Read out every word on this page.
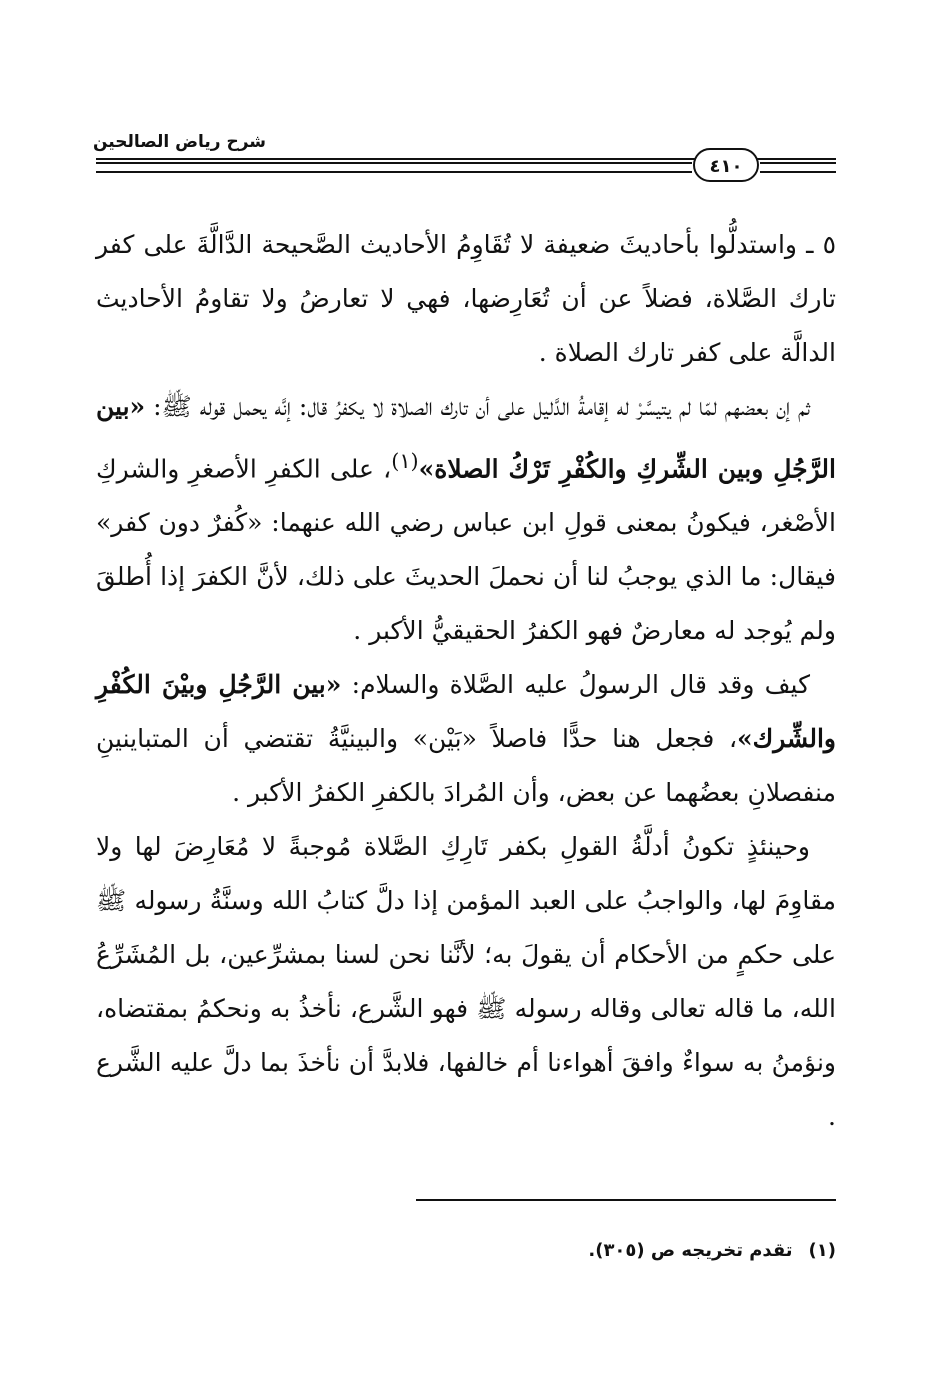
شرح رياض الصالحين
٤١٠

٥ ـ واستدلُّوا بأحاديثَ ضعيفة لا تُقَاوِمُ الأحاديث الصَّحيحة الدَّالَّةَ على كفر تارك الصَّلاة، فضلاً عن أن تُعَارِضها، فهي لا تعارضُ ولا تقاومُ الأحاديث الدالَّة على كفر تارك الصلاة .

ثم إن بعضهم لمّا لم يتيسَّرْ له إقامةُ الدَّليل على أن تارك الصلاة لا يكفرُ قال: إنَّه يحمل قوله ﷺ: «بين الرَّجُلِ وبين الشِّركِ والكُفْرِ تَرْكُ الصلاة»$^{(١)}$، على الكفرِ الأصغرِ والشركِ الأصْغر، فيكونُ بمعنى قولِ ابن عباس رضي الله عنهما: «كُفرٌ دون كفر» فيقال: ما الذي يوجبُ لنا أن نحملَ الحديثَ على ذلك، لأنَّ الكفرَ إذا أُطلقَ ولم يُوجد له معارضٌ فهو الكفرُ الحقيقيُّ الأكبر .

كيف وقد قال الرسولُ عليه الصَّلاة والسلام: «بين الرَّجُلِ وبيْنَ الكُفْرِ والشِّرك»، فجعل هنا حدًّا فاصلاً «بَيْن» والبينيَّةُ تقتضي أن المتباينينِ منفصلانِ بعضُهما عن بعض، وأن المُرادَ بالكفرِ الكفرُ الأكبر .

وحينئذٍ تكونُ أدلَّةُ القولِ بكفر تَارِكِ الصَّلاة مُوجبةً لا مُعَارِضَ لها ولا مقاوِمَ لها، والواجبُ على العبد المؤمن إذا دلَّ كتابُ الله وسنَّةُ رسوله ﷺ على حكمٍ من الأحكام أن يقولَ به؛ لأنَّنا نحن لسنا بمشرِّعين، بل المُشَرِّعُ الله، ما قاله تعالى وقاله رسوله ﷺ فهو الشَّرع، نأخذُ به ونحكمُ بمقتضاه، ونؤمنُ به سواءٌ وافقَ أهواءنا أم خالفها، فلابدَّ أن نأخذَ بما دلَّ عليه الشَّرع .

(١)تقدم تخريجه ص (٣٠٥).
